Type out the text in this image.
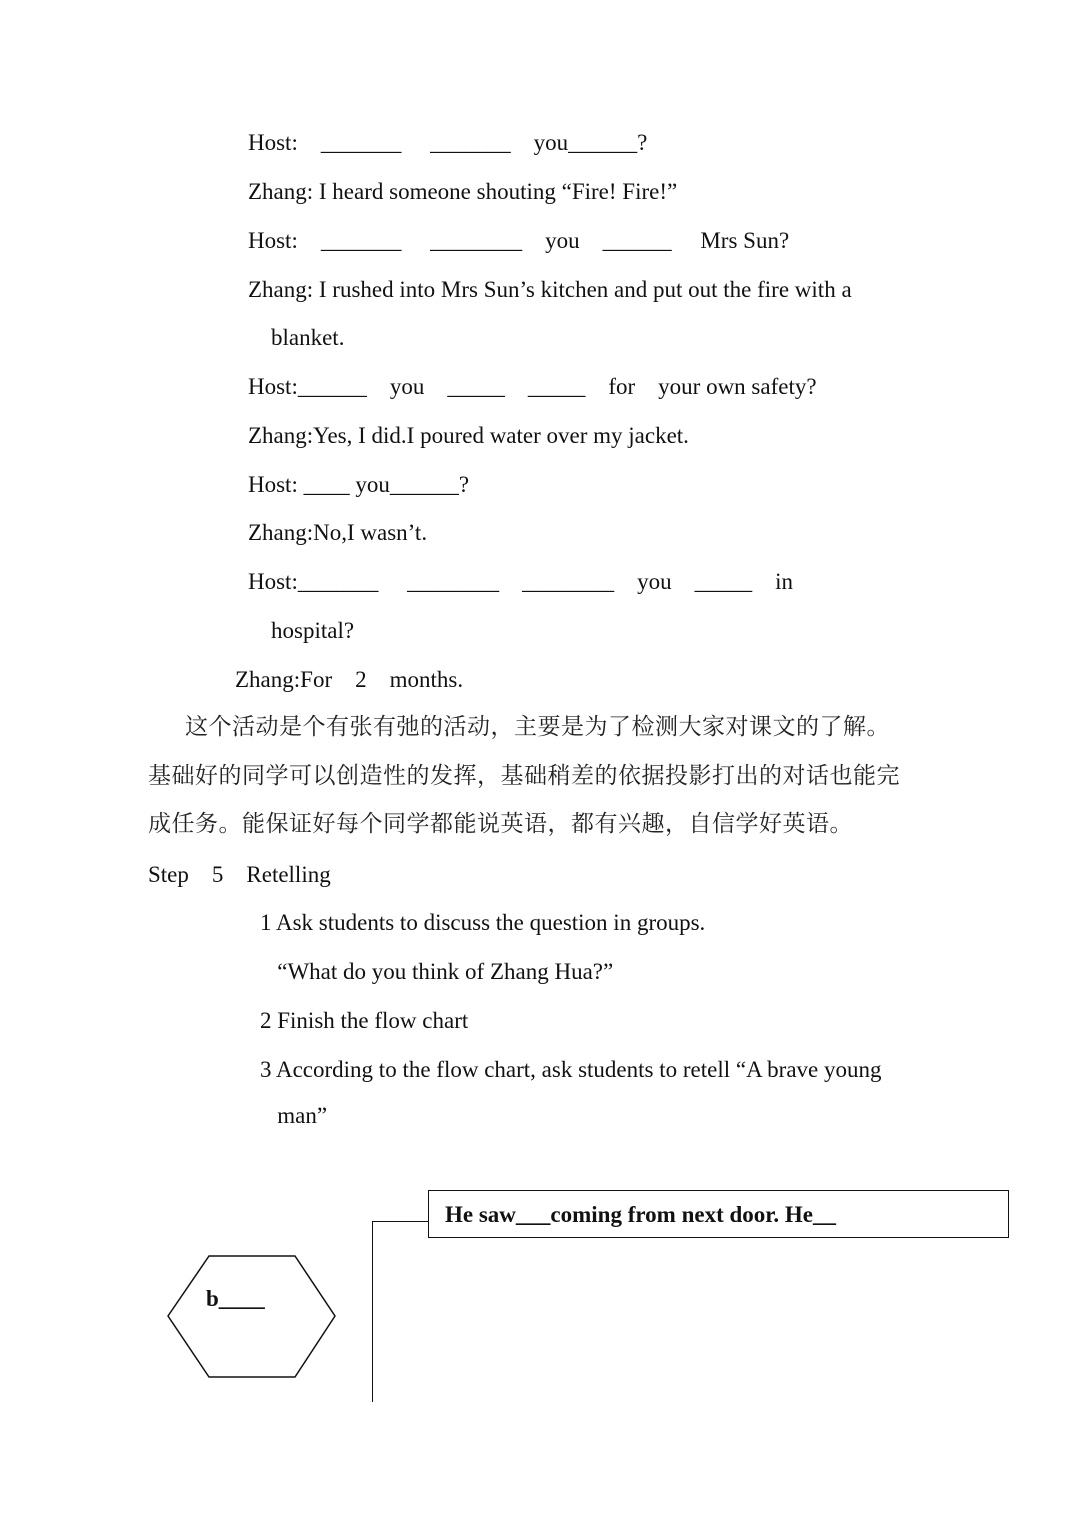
Host:    _______     _______    you______?
Zhang: I heard someone shouting “Fire! Fire!”
Host:    _______     ________    you    ______     Mrs Sun?
Zhang: I rushed into Mrs Sun’s kitchen and put out the fire with a
blanket.
Host:______    you    _____    _____    for    your own safety?
Zhang:Yes, I did.I poured water over my jacket.
Host: ____ you______?
Zhang:No,I wasn’t.
Host:_______     ________    ________    you    _____    in
hospital?
Zhang:For    2    months.
这个活动是个有张有弛的活动，主要是为了检测大家对课文的了解。
基础好的同学可以创造性的发挥，基础稍差的依据投影打出的对话也能完
成任务。能保证好每个同学都能说英语，都有兴趣，自信学好英语。
Step    5    Retelling
1 Ask students to discuss the question in groups.
“What do you think of Zhang Hua?”
2 Finish the flow chart
3 According to the flow chart, ask students to retell “A brave young
man”
He saw___coming from next door. He__
b____
